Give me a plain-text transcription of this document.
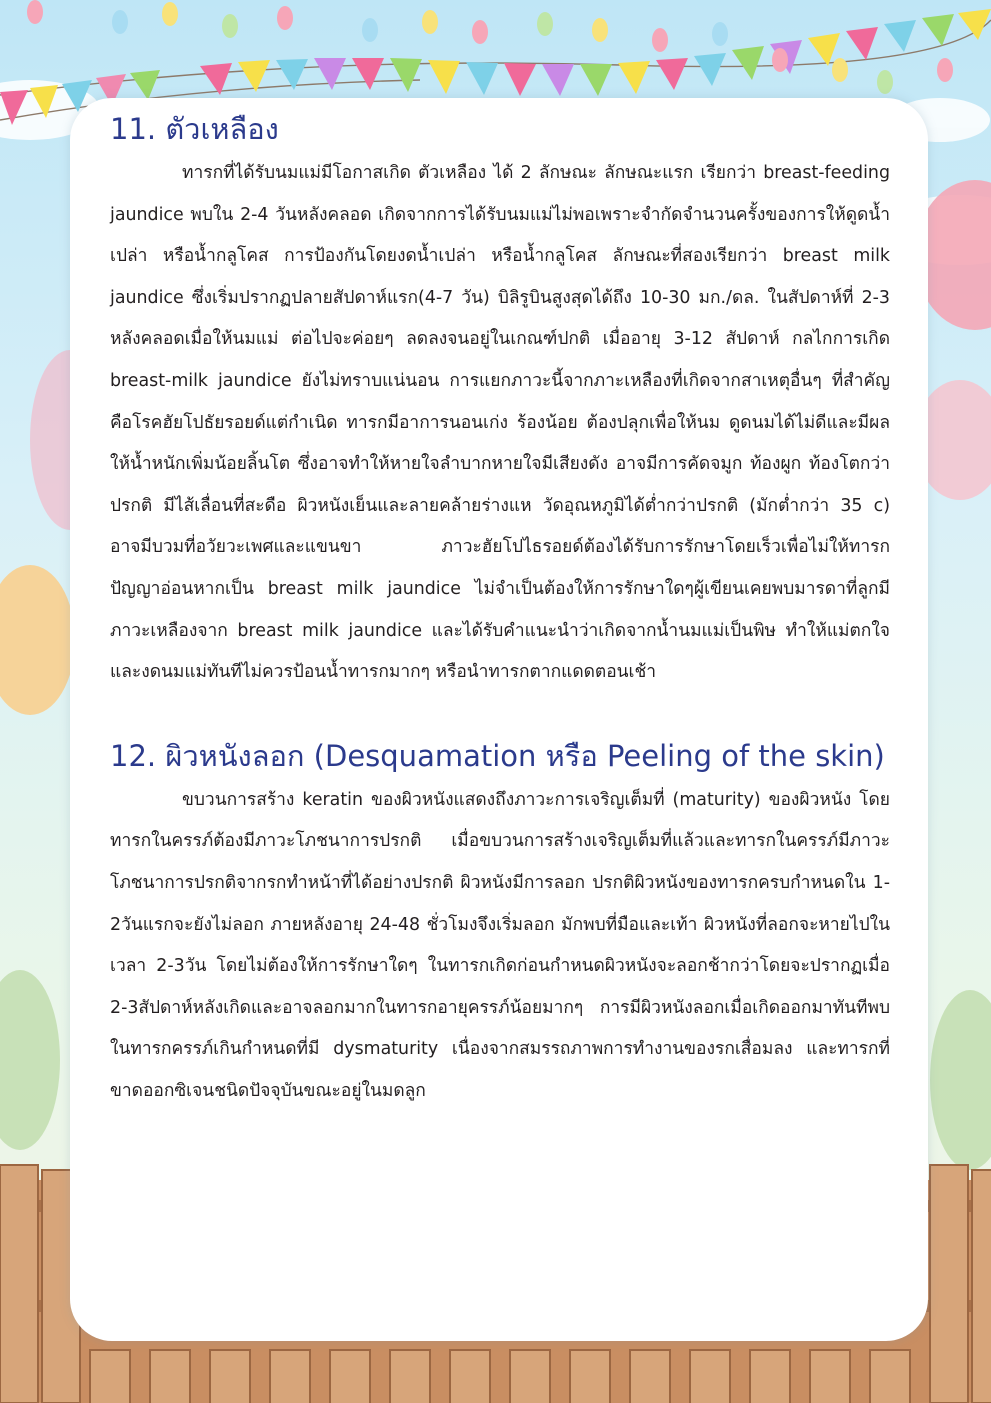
11. ตัวเหลือง

ทารกที่ได้รับนมแม่มีโอกาสเกิด ตัวเหลือง ได้ 2 ลักษณะ ลักษณะแรก เรียกว่า breast-feeding jaundice พบใน 2-4 วันหลังคลอด เกิดจากการได้รับนมแม่ไม่พอเพราะจำกัดจำนวนครั้งของการให้ดูดน้ำเปล่า หรือน้ำกลูโคส การป้องกันโดยงดน้ำเปล่า หรือน้ำกลูโคส ลักษณะที่สองเรียกว่า breast milk jaundice ซึ่งเริ่มปรากฏปลายสัปดาห์แรก(4-7 วัน) บิลิรูบินสูงสุดได้ถึง 10-30 มก./ดล. ในสัปดาห์ที่ 2-3 หลังคลอดเมื่อให้นมแม่ ต่อไปจะค่อยๆ ลดลงจนอยู่ในเกณฑ์ปกติ เมื่ออายุ 3-12 สัปดาห์ กลไกการเกิด breast-milk jaundice ยังไม่ทราบแน่นอน การแยกภาวะนี้จากภาะเหลืองที่เกิดจากสาเหตุอื่นๆ ที่สำคัญคือโรคฮัยโปธัยรอยด์แต่กำเนิด ทารกมีอาการนอนเก่ง ร้องน้อย ต้องปลุกเพื่อให้นม ดูดนมได้ไม่ดีและมีผลให้น้ำหนักเพิ่มน้อยลิ้นโต ซึ่งอาจทำให้หายใจลำบากหายใจมีเสียงดัง อาจมีการคัดจมูก ท้องผูก ท้องโตกว่าปรกติ มีไส้เลื่อนที่สะดือ ผิวหนังเย็นและลายคล้ายร่างแห วัดอุณหภูมิได้ต่ำกว่าปรกติ (มักต่ำกว่า 35 c) อาจมีบวมที่อวัยวะเพศและแขนขา ภาวะฮัยโปไธรอยด์ต้องได้รับการรักษาโดยเร็วเพื่อไม่ให้ทารกปัญญาอ่อนหากเป็น breast milk jaundice ไม่จำเป็นต้องให้การรักษาใดๆผู้เขียนเคยพบมารดาที่ลูกมีภาวะเหลืองจาก breast milk jaundice และได้รับคำแนะนำว่าเกิดจากน้ำนมแม่เป็นพิษ ทำให้แม่ตกใจ และงดนมแม่ทันทีไม่ควรป้อนน้ำทารกมากๆ หรือนำทารกตากแดดตอนเช้า

12. ผิวหนังลอก (Desquamation หรือ Peeling of the skin)

ขบวนการสร้าง keratin ของผิวหนังแสดงถึงภาวะการเจริญเต็มที่ (maturity) ของผิวหนัง โดยทารกในครรภ์ต้องมีภาวะโภชนาการปรกติ เมื่อขบวนการสร้างเจริญเต็มที่แล้วและทารกในครรภ์มีภาวะโภชนาการปรกติจากรกทำหน้าที่ได้อย่างปรกติ ผิวหนังมีการลอก ปรกติผิวหนังของทารกครบกำหนดใน 1-2วันแรกจะยังไม่ลอก ภายหลังอายุ 24-48 ชั่วโมงจึงเริ่มลอก มักพบที่มือและเท้า ผิวหนังที่ลอกจะหายไปในเวลา 2-3วัน โดยไม่ต้องให้การรักษาใดๆ ในทารกเกิดก่อนกำหนดผิวหนังจะลอกช้ากว่าโดยจะปรากฏเมื่อ 2-3สัปดาห์หลังเกิดและอาจลอกมากในทารกอายุครรภ์น้อยมากๆ การมีผิวหนังลอกเมื่อเกิดออกมาทันทีพบในทารกครรภ์เกินกำหนดที่มี dysmaturity เนื่องจากสมรรถภาพการทำงานของรกเสื่อมลง และทารกที่ขาดออกซิเจนชนิดปัจจุบันขณะอยู่ในมดลูก
